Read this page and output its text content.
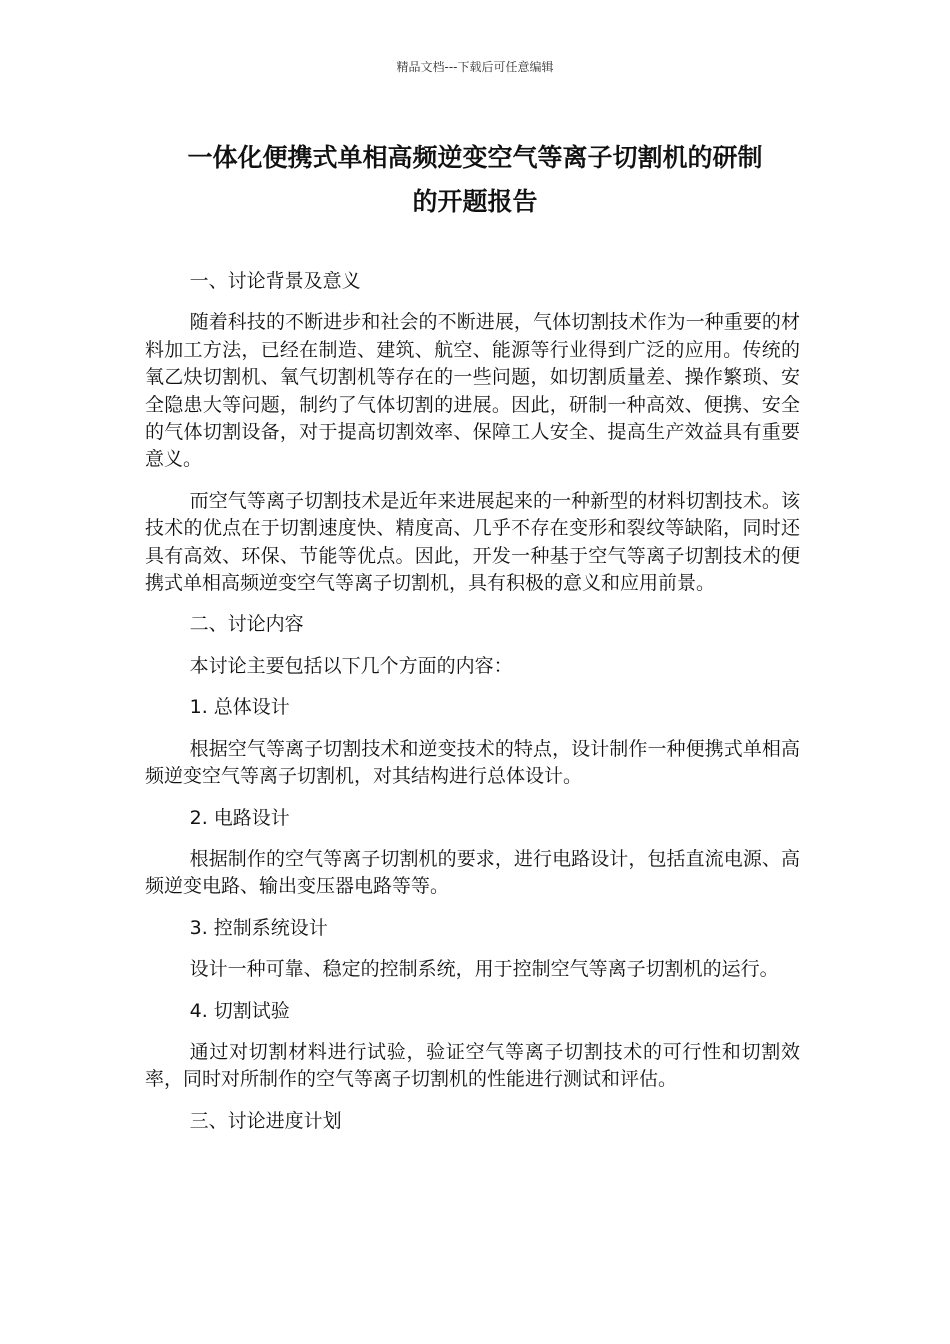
精品文档---下载后可任意编辑
一体化便携式单相高频逆变空气等离子切割机的研制
的开题报告

一、讨论背景及意义

随着科技的不断进步和社会的不断进展，气体切割技术作为一种重要的材料加工方法，已经在制造、建筑、航空、能源等行业得到广泛的应用。传统的氧乙炔切割机、氧气切割机等存在的一些问题，如切割质量差、操作繁琐、安全隐患大等问题，制约了气体切割的进展。因此，研制一种高效、便携、安全的气体切割设备，对于提高切割效率、保障工人安全、提高生产效益具有重要意义。

而空气等离子切割技术是近年来进展起来的一种新型的材料切割技术。该技术的优点在于切割速度快、精度高、几乎不存在变形和裂纹等缺陷，同时还具有高效、环保、节能等优点。因此，开发一种基于空气等离子切割技术的便携式单相高频逆变空气等离子切割机，具有积极的意义和应用前景。

二、讨论内容

本讨论主要包括以下几个方面的内容：

1. 总体设计

根据空气等离子切割技术和逆变技术的特点，设计制作一种便携式单相高频逆变空气等离子切割机，对其结构进行总体设计。

2. 电路设计

根据制作的空气等离子切割机的要求，进行电路设计，包括直流电源、高频逆变电路、输出变压器电路等等。

3. 控制系统设计

设计一种可靠、稳定的控制系统，用于控制空气等离子切割机的运行。

4. 切割试验

通过对切割材料进行试验，验证空气等离子切割技术的可行性和切割效率，同时对所制作的空气等离子切割机的性能进行测试和评估。

三、讨论进度计划
